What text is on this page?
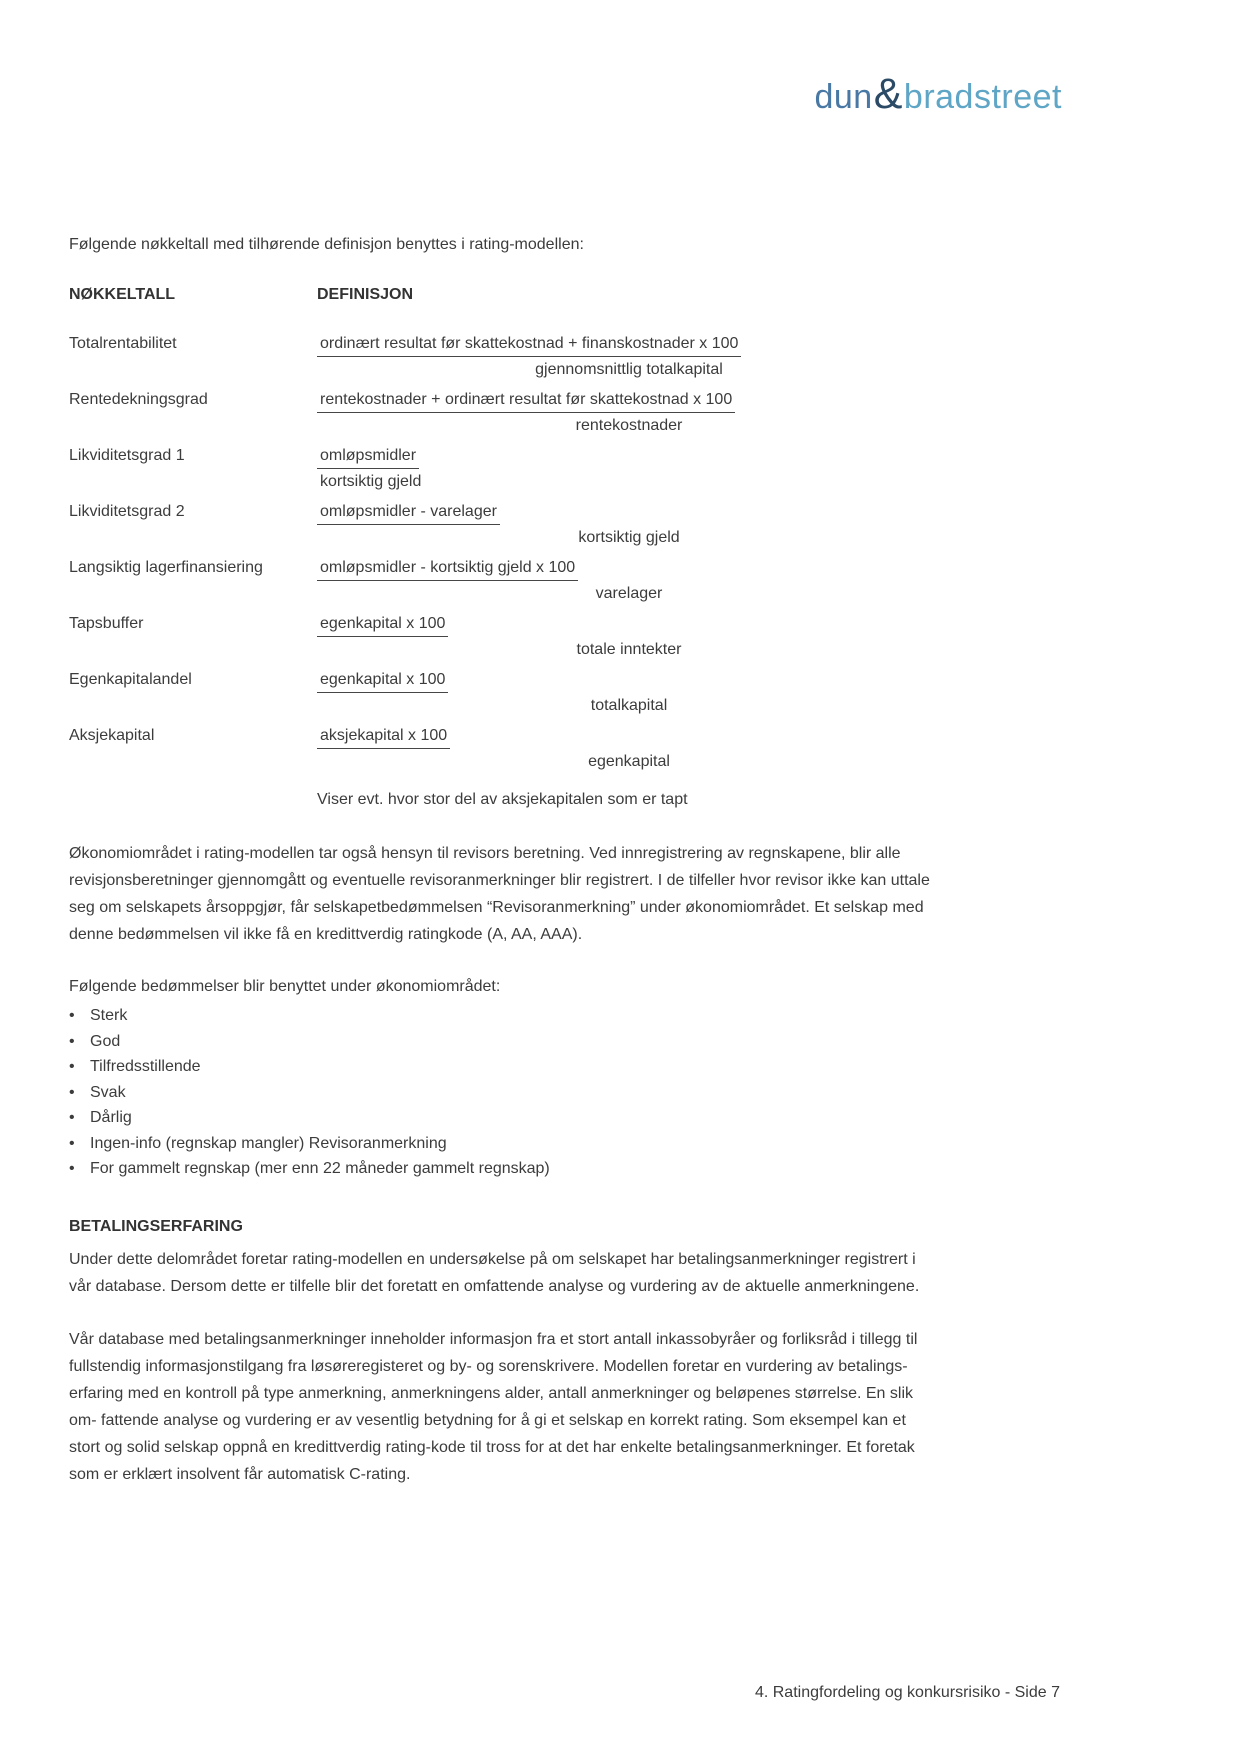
dun & bradstreet
Følgende nøkkeltall med tilhørende definisjon benyttes i rating-modellen:
NØKKELTALL	DEFINISJON
Totalrentabilitet	$\frac{\text{ordinært resultat før skattekostnad + finanskostnader x 100}}{\text{gjennomsnittlig totalkapital}}$
Rentedekningsgrad	$\frac{\text{rentekostnader + ordinært resultat før skattekostnad x 100}}{\text{rentekostnader}}$
Likviditetsgrad 1	$\frac{\text{omløpsmidler}}{\text{kortsiktig gjeld}}$
Likviditetsgrad 2	$\frac{\text{omløpsmidler - varelager}}{\text{kortsiktig gjeld}}$
Langsiktig lagerfinansiering	$\frac{\text{omløpsmidler - kortsiktig gjeld x 100}}{\text{varelager}}$
Tapsbuffer	$\frac{\text{egenkapital x 100}}{\text{totale inntekter}}$
Egenkapitalandel	$\frac{\text{egenkapital x 100}}{\text{totalkapital}}$
Aksjekapital	$\frac{\text{aksjekapital x 100}}{\text{egenkapital}}$
Viser evt. hvor stor del av aksjekapitalen som er tapt
Økonomiområdet i rating-modellen tar også hensyn til revisors beretning. Ved innregistrering av regnskapene, blir alle revisjonsberetninger gjennomgått og eventuelle revisoranmerkninger blir registrert. I de tilfeller hvor revisor ikke kan uttale seg om selskapets årsoppgjør, får selskapetbedømmelsen “Revisoranmerkning” under økonomiområdet. Et selskap med denne bedømmelsen vil ikke få en kredittverdig ratingkode (A, AA, AAA).
Følgende bedømmelser blir benyttet under økonomiområdet:
• Sterk
• God
• Tilfredsstillende
• Svak
• Dårlig
• Ingen-info (regnskap mangler) Revisoranmerkning
• For gammelt regnskap (mer enn 22 måneder gammelt regnskap)
BETALINGSERFARING
Under dette delområdet foretar rating-modellen en undersøkelse på om selskapet har betalingsanmerkninger registrert i vår database. Dersom dette er tilfelle blir det foretatt en omfattende analyse og vurdering av de aktuelle anmerkningene.
Vår database med betalingsanmerkninger inneholder informasjon fra et stort antall inkassobyråer og forliksråd i tillegg til fullstendig informasjonstilgang fra løsøreregisteret og by- og sorenskrivere. Modellen foretar en vurdering av betalings- erfaring med en kontroll på type anmerkning, anmerkningens alder, antall anmerkninger og beløpenes størrelse. En slik om- fattende analyse og vurdering er av vesentlig betydning for å gi et selskap en korrekt rating. Som eksempel kan et stort og solid selskap oppnå en kredittverdig rating-kode til tross for at det har enkelte betalingsanmerkninger. Et foretak som er erklært insolvent får automatisk C-rating.
4. Ratingfordeling og konkursrisiko - Side 7
